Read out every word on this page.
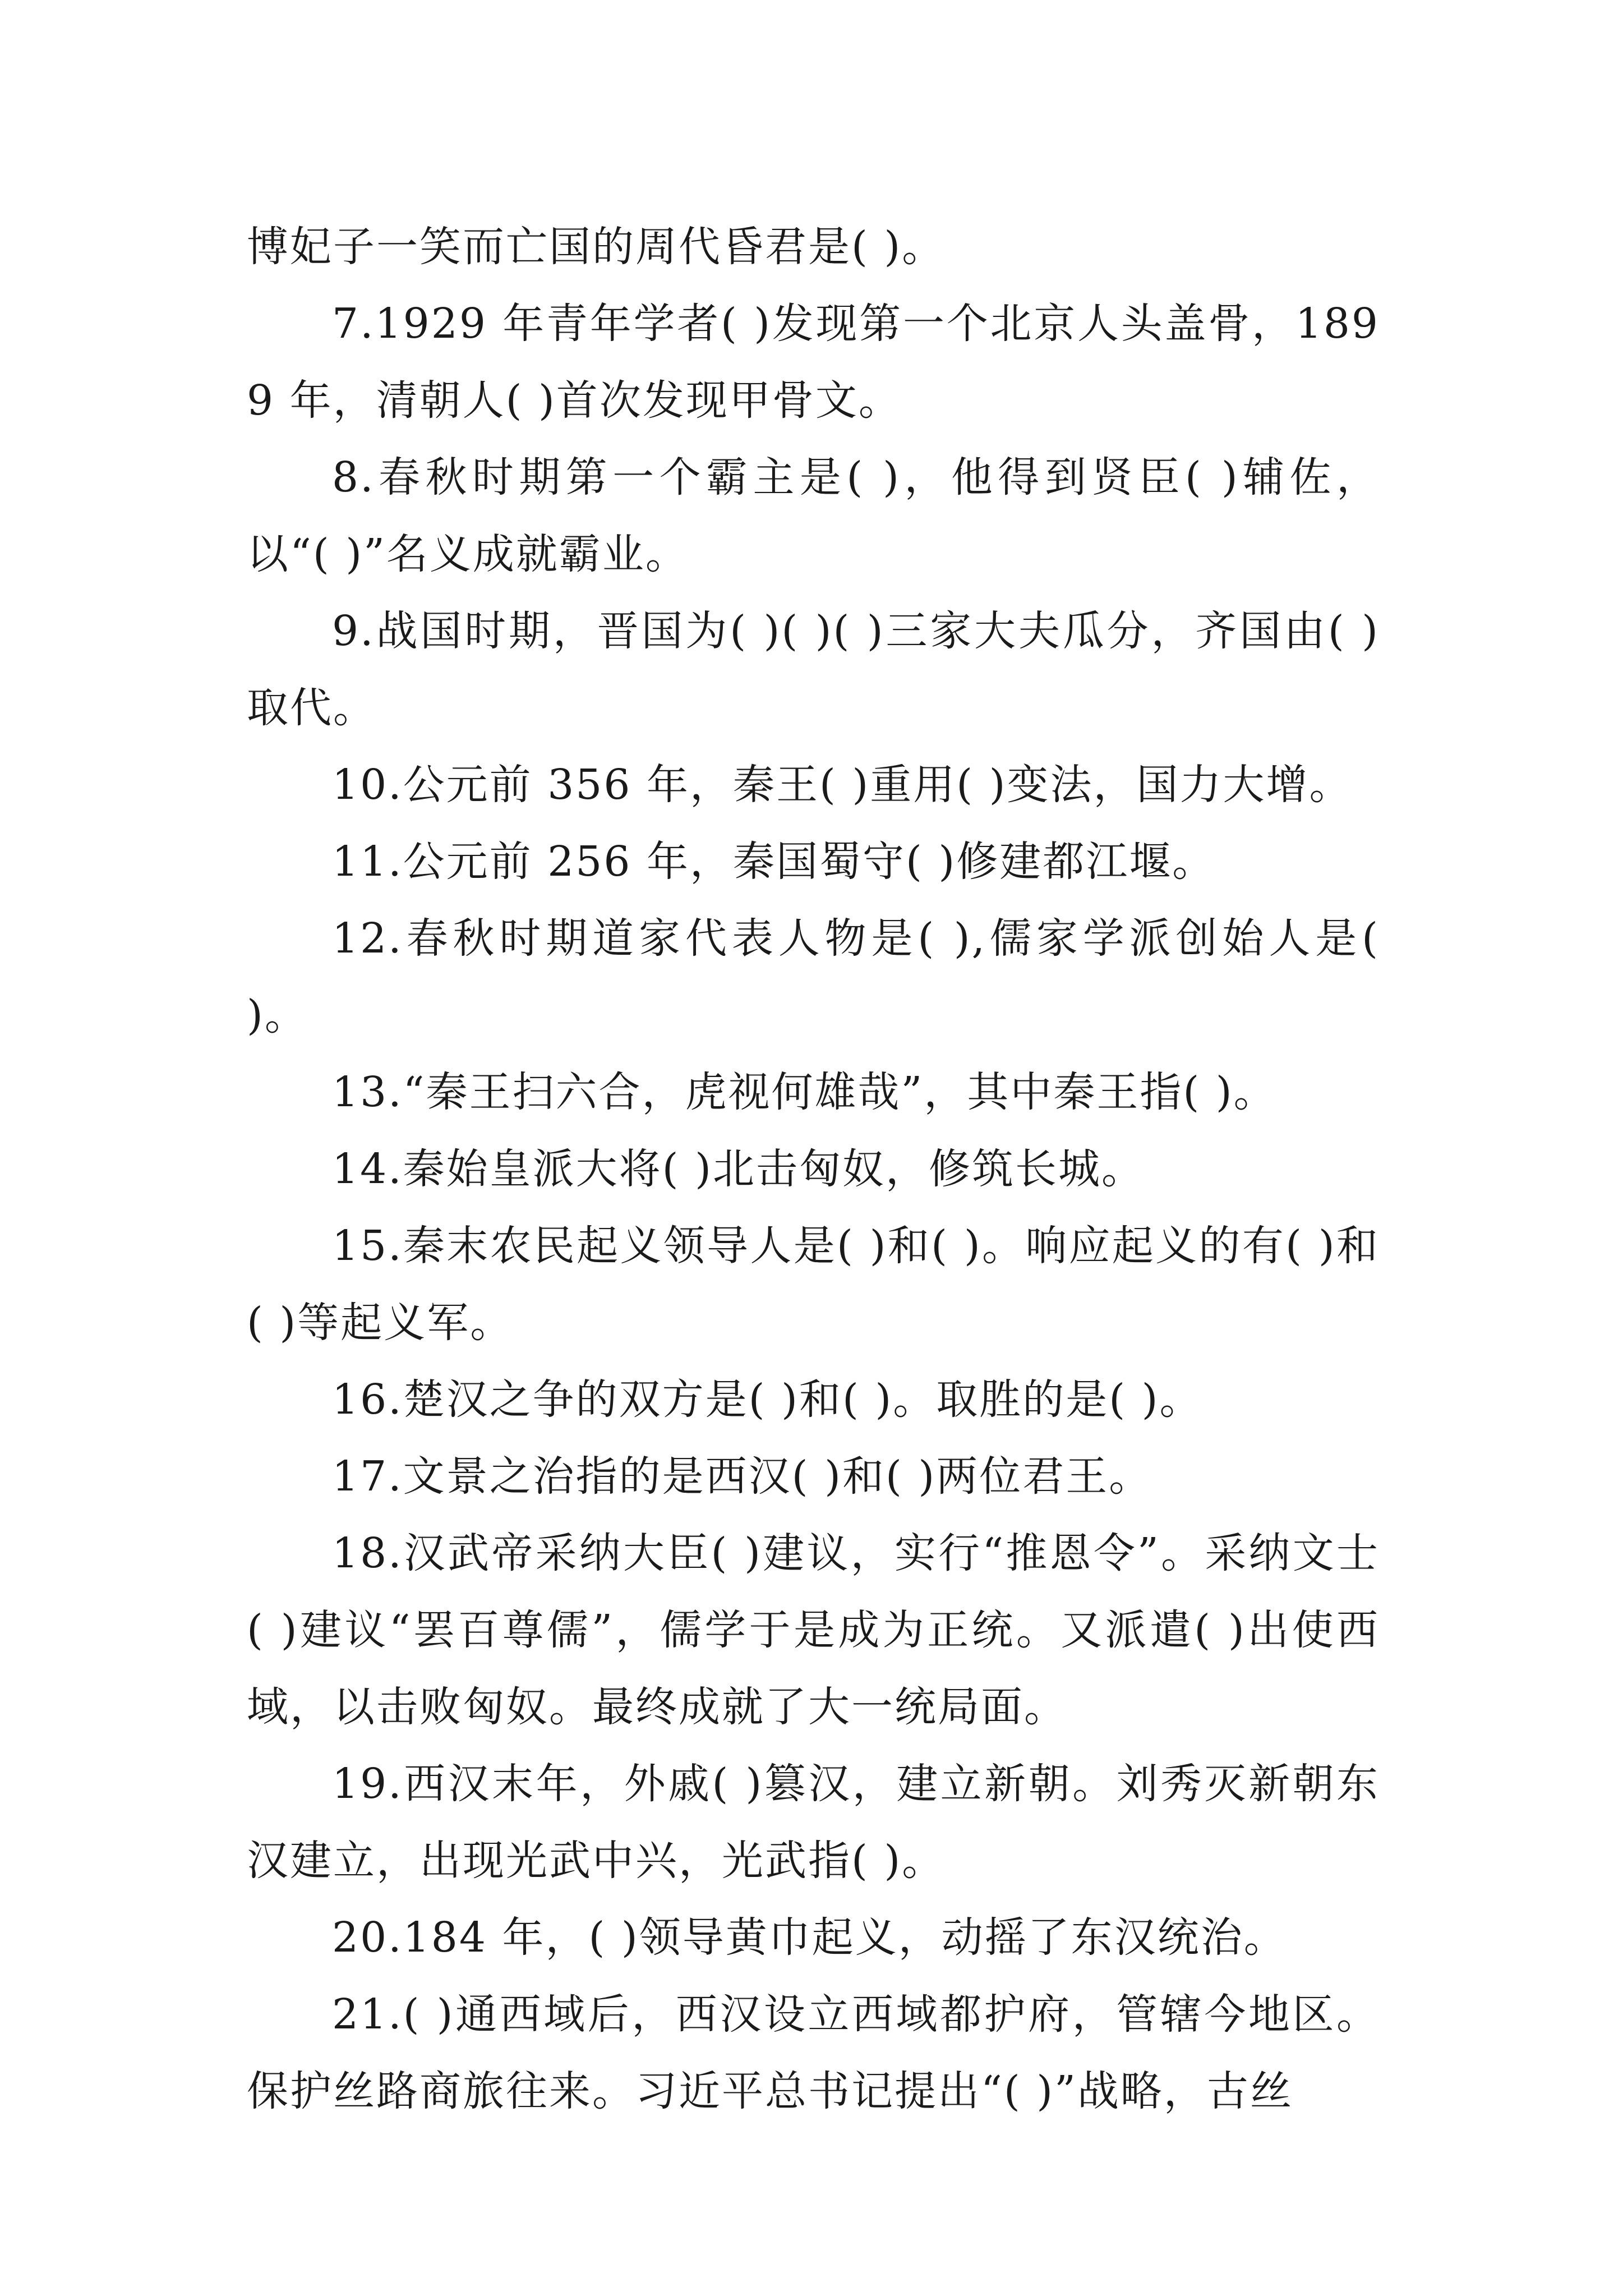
博妃子一笑而亡国的周代昏君是( )。

7.1929 年青年学者( )发现第一个北京人头盖骨，1899 年，清朝人( )首次发现甲骨文。

8.春秋时期第一个霸主是( )，他得到贤臣( )辅佐，以“( )”名义成就霸业。

9.战国时期，晋国为( )( )( )三家大夫瓜分，齐国由( )取代。

10.公元前 356 年，秦王( )重用( )变法，国力大增。

11.公元前 256 年，秦国蜀守( )修建都江堰。

12.春秋时期道家代表人物是( ),儒家学派创始人是( )。

13.“秦王扫六合，虎视何雄哉”，其中秦王指( )。

14.秦始皇派大将( )北击匈奴，修筑长城。

15.秦末农民起义领导人是( )和( )。响应起义的有( )和( )等起义军。

16.楚汉之争的双方是( )和( )。取胜的是( )。

17.文景之治指的是西汉( )和( )两位君王。

18.汉武帝采纳大臣( )建议，实行“推恩令”。采纳文士( )建议“罢百尊儒”，儒学于是成为正统。又派遣( )出使西域，以击败匈奴。最终成就了大一统局面。

19.西汉末年，外戚( )篡汉，建立新朝。刘秀灭新朝东汉建立，出现光武中兴，光武指( )。

20.184 年，( )领导黄巾起义，动摇了东汉统治。

21.( )通西域后，西汉设立西域都护府，管辖今地区。保护丝路商旅往来。习近平总书记提出“( )”战略，古丝
